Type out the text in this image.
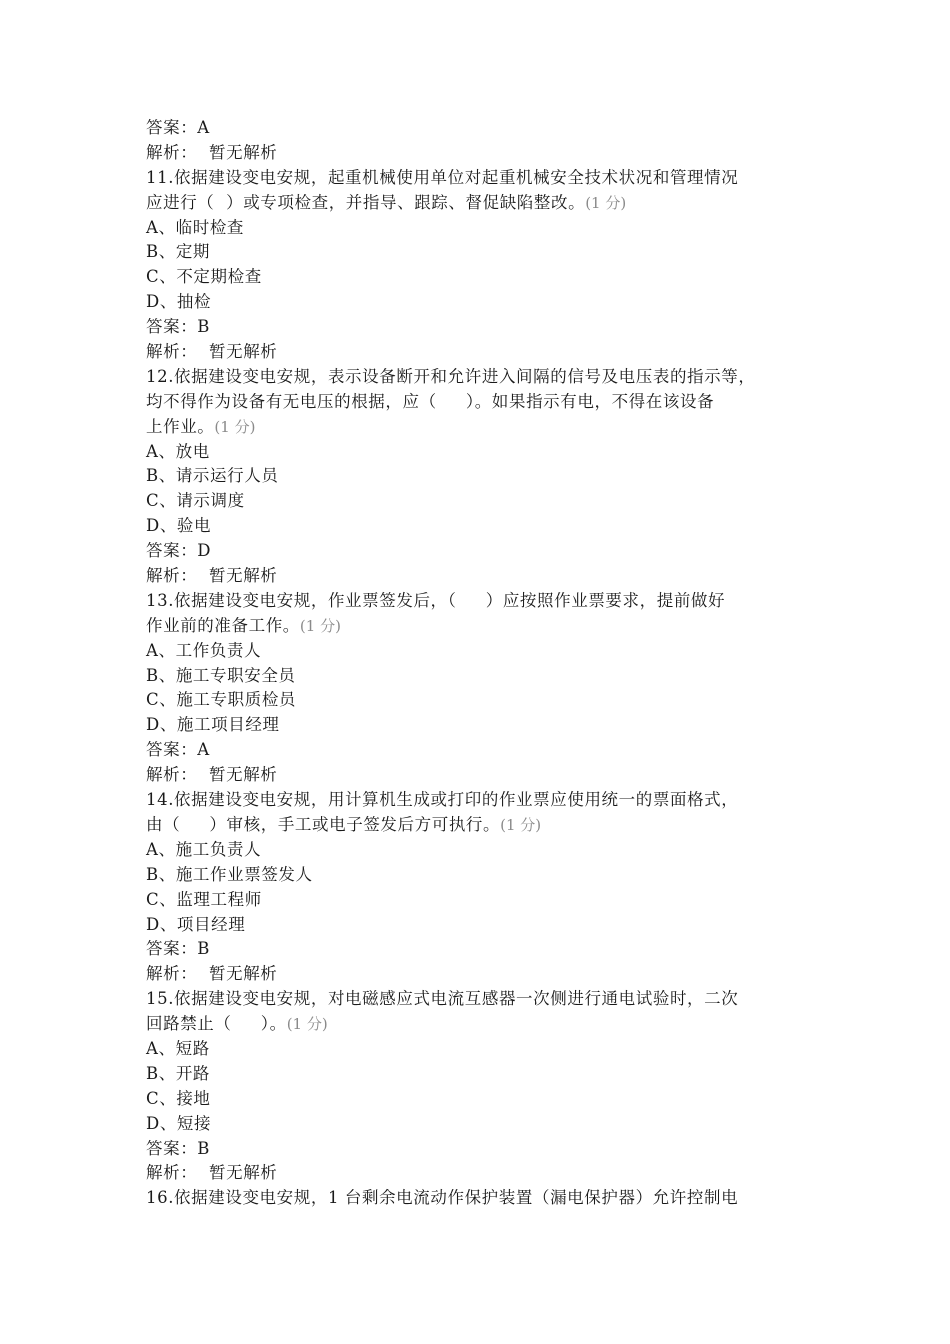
答案：A
解析：  暂无解析
11.依据建设变电安规，起重机械使用单位对起重机械安全技术状况和管理情况
应进行（  ）或专项检查，并指导、跟踪、督促缺陷整改。(1 分)
A、临时检查
B、定期
C、不定期检查
D、抽检
答案：B
解析：  暂无解析
12.依据建设变电安规，表示设备断开和允许进入间隔的信号及电压表的指示等，
均不得作为设备有无电压的根据，应（     ）。如果指示有电，不得在该设备
上作业。(1 分)
A、放电
B、请示运行人员
C、请示调度
D、验电
答案：D
解析：  暂无解析
13.依据建设变电安规，作业票签发后，（     ）应按照作业票要求，提前做好
作业前的准备工作。(1 分)
A、工作负责人
B、施工专职安全员
C、施工专职质检员
D、施工项目经理
答案：A
解析：  暂无解析
14.依据建设变电安规，用计算机生成或打印的作业票应使用统一的票面格式，
由（     ）审核，手工或电子签发后方可执行。(1 分)
A、施工负责人
B、施工作业票签发人
C、监理工程师
D、项目经理
答案：B
解析：  暂无解析
15.依据建设变电安规，对电磁感应式电流互感器一次侧进行通电试验时，二次
回路禁止（     ）。(1 分)
A、短路
B、开路
C、接地
D、短接
答案：B
解析：  暂无解析
16.依据建设变电安规，1 台剩余电流动作保护装置（漏电保护器）允许控制电
